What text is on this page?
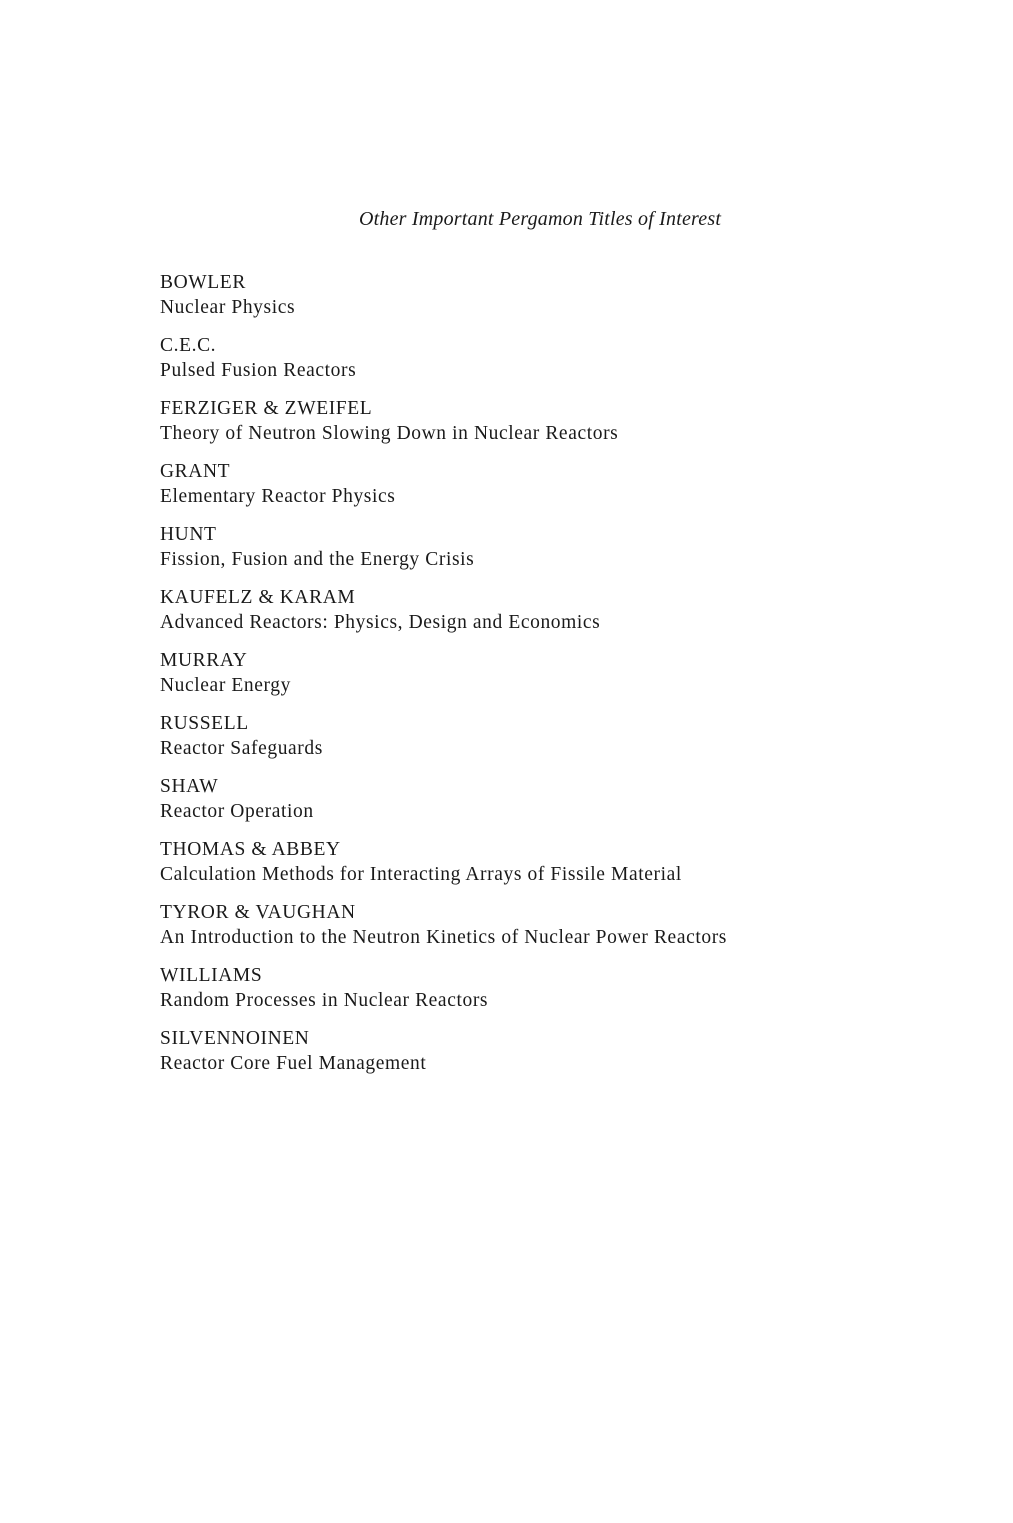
Other Important Pergamon Titles of Interest
BOWLER
Nuclear Physics
C.E.C.
Pulsed Fusion Reactors
FERZIGER & ZWEIFEL
Theory of Neutron Slowing Down in Nuclear Reactors
GRANT
Elementary Reactor Physics
HUNT
Fission, Fusion and the Energy Crisis
KAUFELZ & KARAM
Advanced Reactors: Physics, Design and Economics
MURRAY
Nuclear Energy
RUSSELL
Reactor Safeguards
SHAW
Reactor Operation
THOMAS & ABBEY
Calculation Methods for Interacting Arrays of Fissile Material
TYROR & VAUGHAN
An Introduction to the Neutron Kinetics of Nuclear Power Reactors
WILLIAMS
Random Processes in Nuclear Reactors
SILVENNOINEN
Reactor Core Fuel Management
